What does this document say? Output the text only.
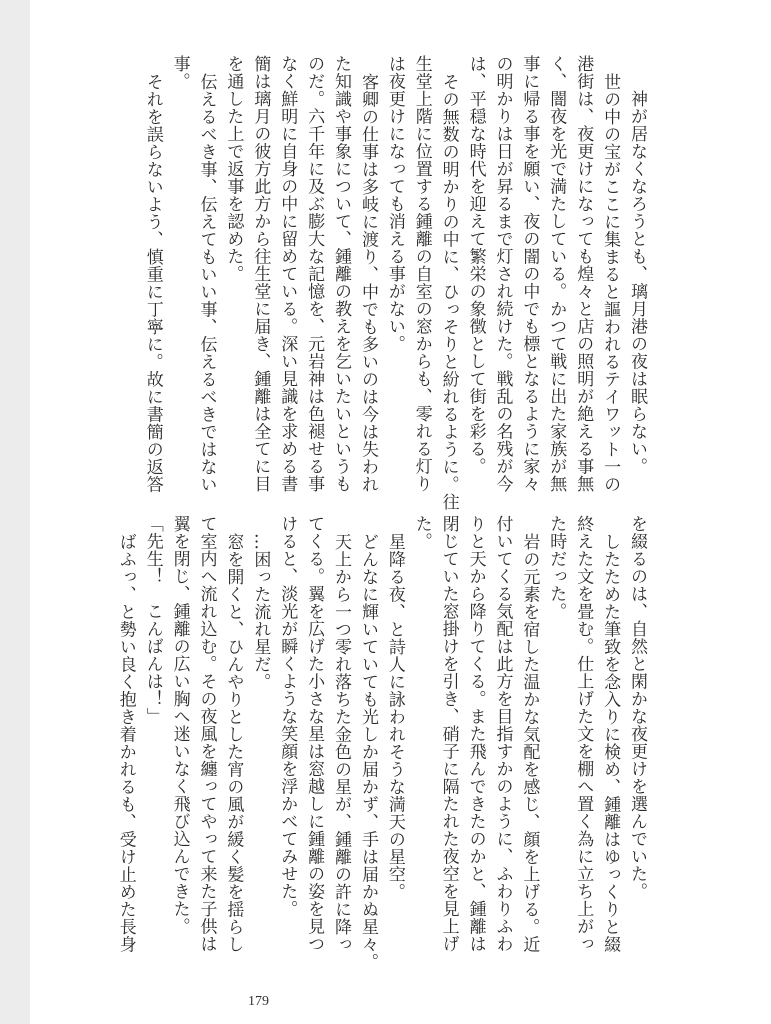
神が居なくなろうとも、璃月港の夜は眠らない。
世の中の宝がここに集まると謳われるテイワット一の
港街は、夜更けになっても煌々と店の照明が絶える事無
く、闇夜を光で満たしている。かつて戦に出た家族が無
事に帰る事を願い、夜の闇の中でも標となるように家々
の明かりは日が昇るまで灯され続けた。戦乱の名残が今
は、平穏な時代を迎えて繁栄の象徴として街を彩る。
その無数の明かりの中に、ひっそりと紛れるように。往
生堂上階に位置する鍾離の自室の窓からも、零れる灯り
は夜更けになっても消える事がない。
客卿の仕事は多岐に渡り、中でも多いのは今は失われ
た知識や事象について、鍾離の教えを乞いたいというも
のだ。六千年に及ぶ膨大な記憶を、元岩神は色褪せる事
なく鮮明に自身の中に留めている。深い見識を求める書
簡は璃月の彼方此方から往生堂に届き、鍾離は全てに目
を通した上で返事を認めた。
伝えるべき事、伝えてもいい事、伝えるべきではない
事。
それを誤らないよう、慎重に丁寧に。故に書簡の返答
を綴るのは、自然と閑かな夜更けを選んでいた。
したためた筆致を念入りに検め、鍾離はゆっくりと綴
終えた文を畳む。仕上げた文を棚へ置く為に立ち上がっ
た時だった。
岩の元素を宿した温かな気配を感じ、顔を上げる。近
付いてくる気配は此方を目指すかのように、ふわりふわ
りと天から降りてくる。また飛んできたのかと、鍾離は
閉じていた窓掛けを引き、硝子に隔たれた夜空を見上げ
た。
星降る夜、と詩人に詠われそうな満天の星空。
どんなに輝いていても光しか届かず、手は届かぬ星々。
天上から一つ零れ落ちた金色の星が、鍾離の許に降っ
てくる。翼を広げた小さな星は窓越しに鍾離の姿を見つ
けると、淡光が瞬くような笑顔を浮かべてみせた。
…困った流れ星だ。
窓を開くと、ひんやりとした宵の風が緩く髪を揺らし
て室内へ流れ込む。その夜風を纏ってやって来た子供は
翼を閉じ、鍾離の広い胸へ迷いなく飛び込んできた。
「先生！　こんばんは！」
ばふっ、と勢い良く抱き着かれるも、受け止めた長身
179
